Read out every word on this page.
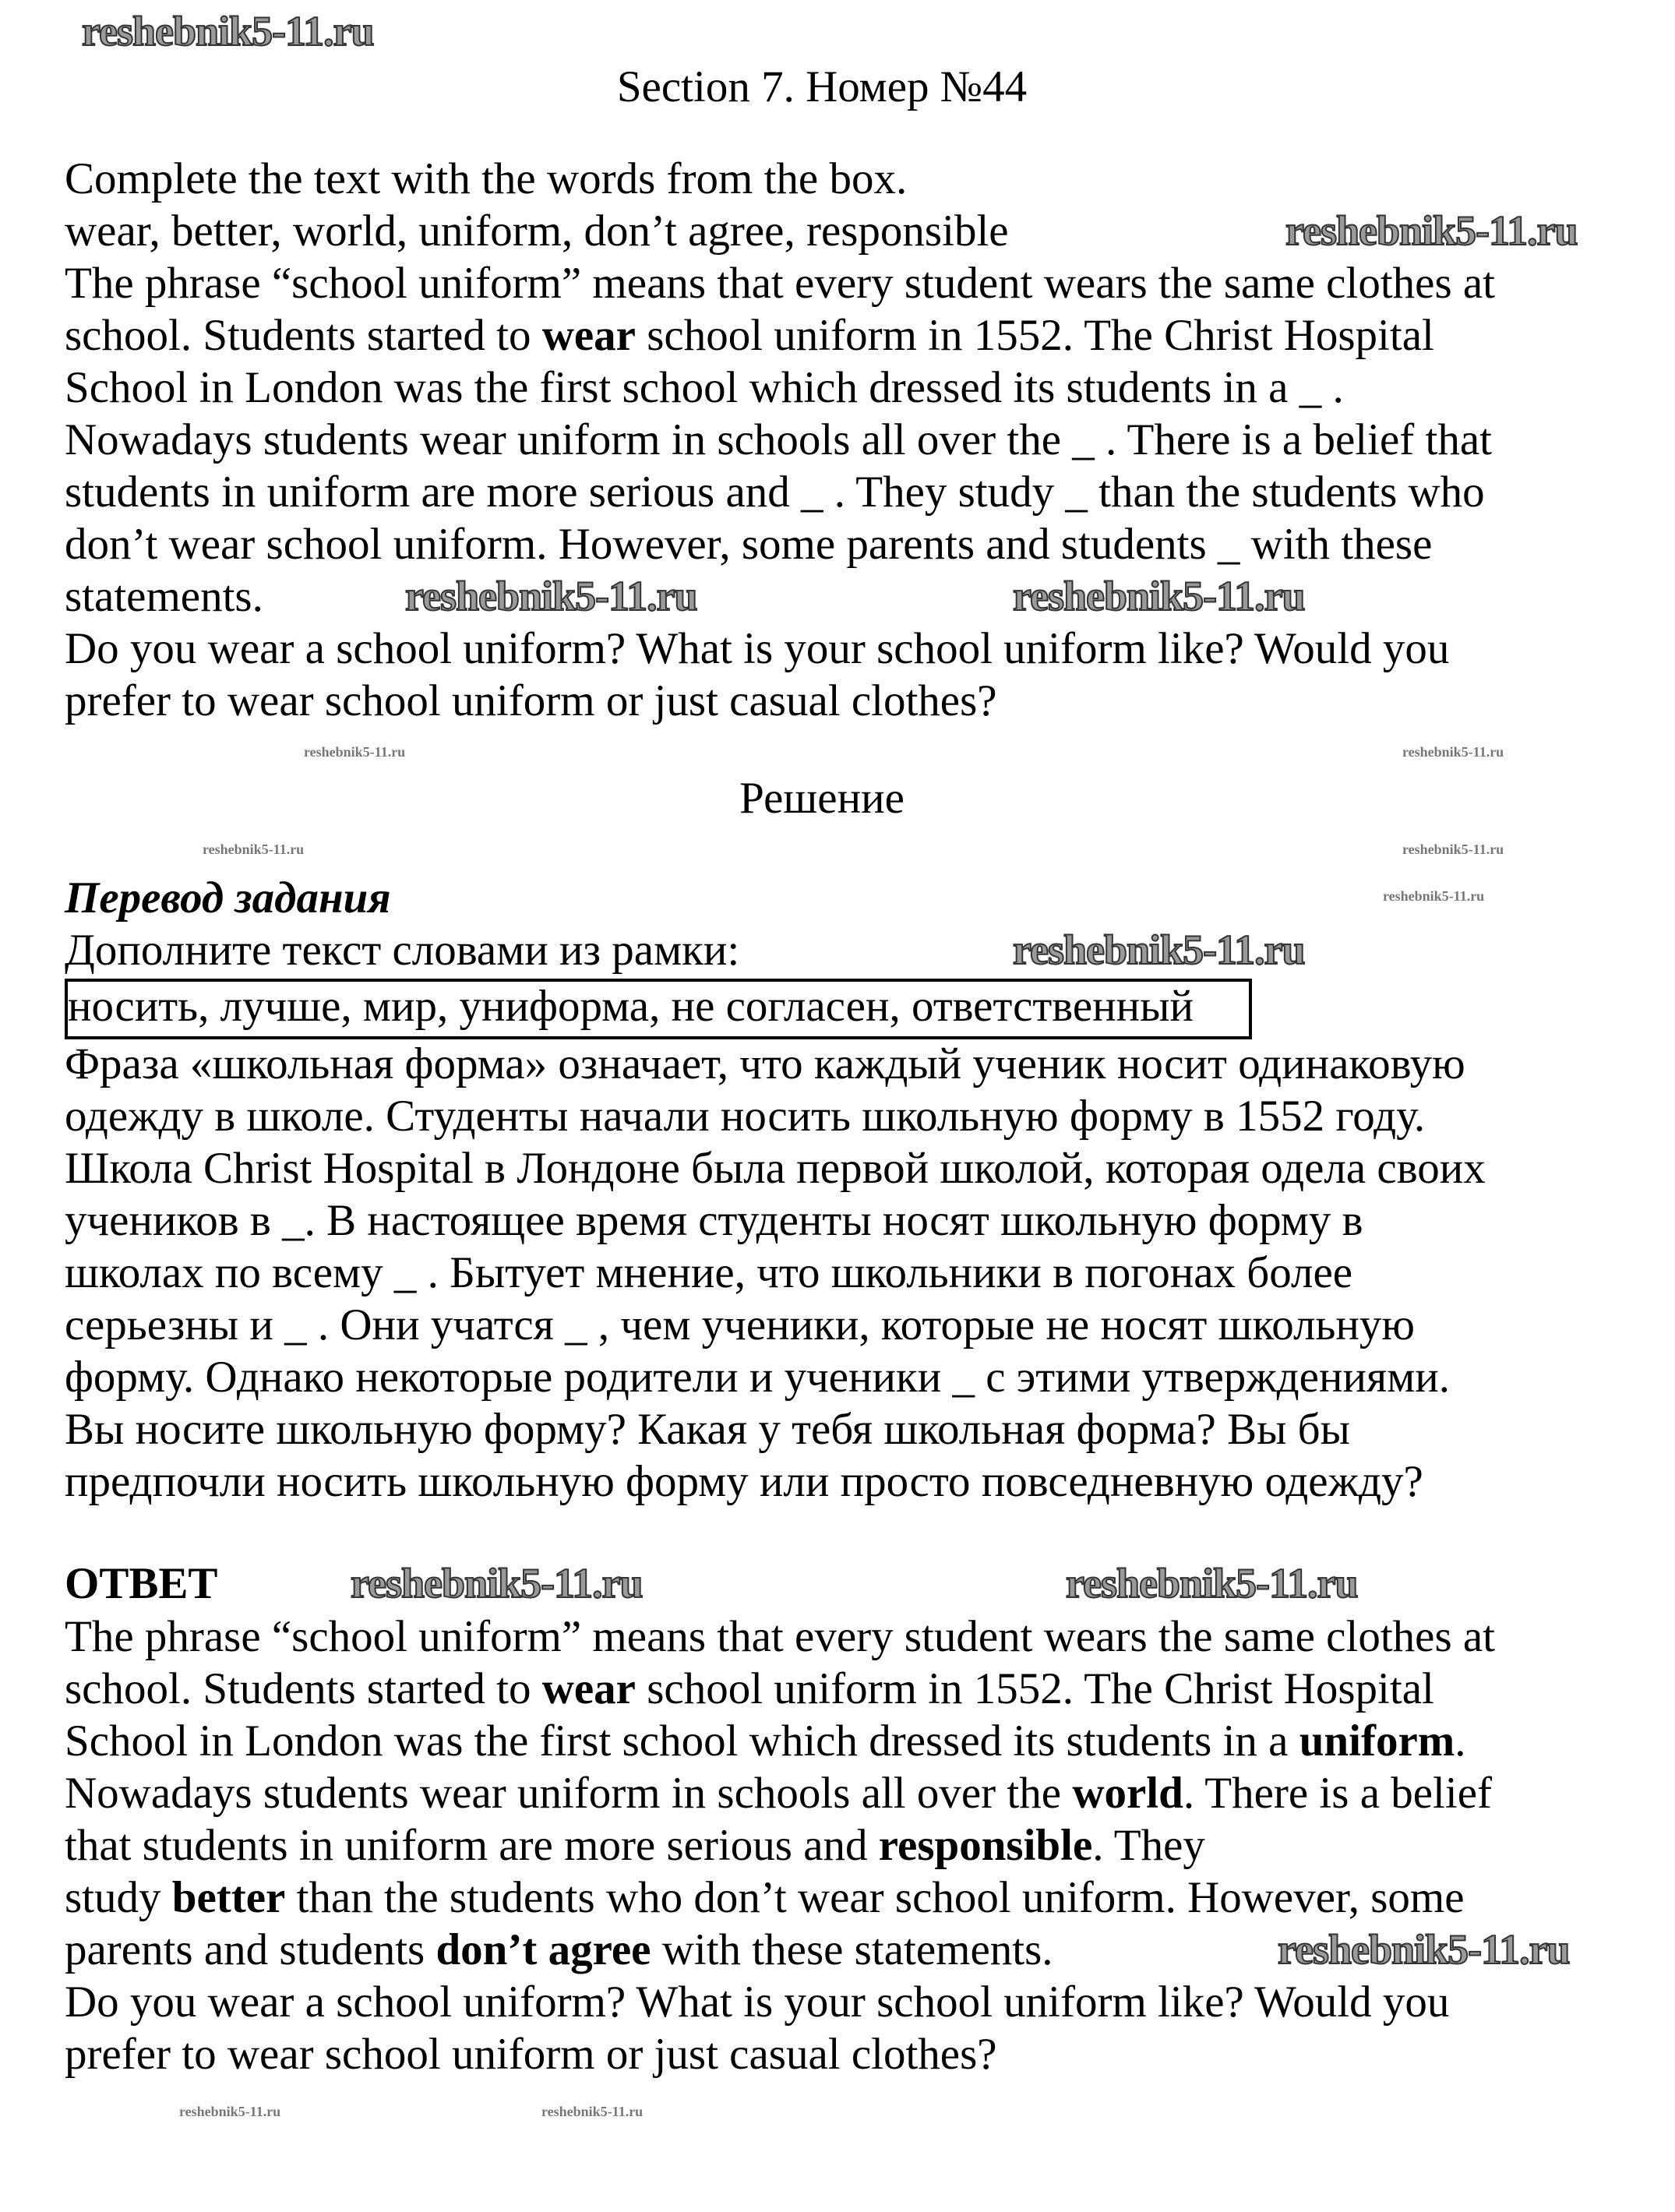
Section 7. Номер №44
Complete the text with the words from the box.
wear, better, world, uniform, don’t agree, responsible
The phrase “school uniform” means that every student wears the same clothes at
school. Students started to wear school uniform in 1552. The Christ Hospital
School in London was the first school which dressed its students in a _ .
Nowadays students wear uniform in schools all over the _ . There is a belief that
students in uniform are more serious and _ . They study _ than the students who
don’t wear school uniform. However, some parents and students _ with these
statements.
Do you wear a school uniform? What is your school uniform like? Would you
prefer to wear school uniform or just casual clothes?
Решение
Перевод задания
Дополните текст словами из рамки:
носить, лучше, мир, униформа, не согласен, ответственный
Фраза «школьная форма» означает, что каждый ученик носит одинаковую
одежду в школе. Студенты начали носить школьную форму в 1552 году.
Школа Christ Hospital в Лондоне была первой школой, которая одела своих
учеников в _. В настоящее время студенты носят школьную форму в
школах по всему _ . Бытует мнение, что школьники в погонах более
серьезны и _ . Они учатся _ , чем ученики, которые не носят школьную
форму. Однако некоторые родители и ученики _ с этими утверждениями.
Вы носите школьную форму? Какая у тебя школьная форма? Вы бы
предпочли носить школьную форму или просто повседневную одежду?
ОТВЕТ
The phrase “school uniform” means that every student wears the same clothes at
school. Students started to wear school uniform in 1552. The Christ Hospital
School in London was the first school which dressed its students in a uniform.
Nowadays students wear uniform in schools all over the world. There is a belief
that students in uniform are more serious and responsible. They
study better than the students who don’t wear school uniform. However, some
parents and students don’t agree with these statements.
Do you wear a school uniform? What is your school uniform like? Would you
prefer to wear school uniform or just casual clothes?
reshebnik5-11.ru
reshebnik5-11.ru
reshebnik5-11.ru	reshebnik5-11.ru
reshebnik5-11.ru
reshebnik5-11.ru	reshebnik5-11.ru
reshebnik5-11.ru
reshebnik5-11.ru	reshebnik5-11.ru
reshebnik5-11.ru	reshebnik5-11.ru
reshebnik5-11.ru
reshebnik5-11.ru	reshebnik5-11.ru
